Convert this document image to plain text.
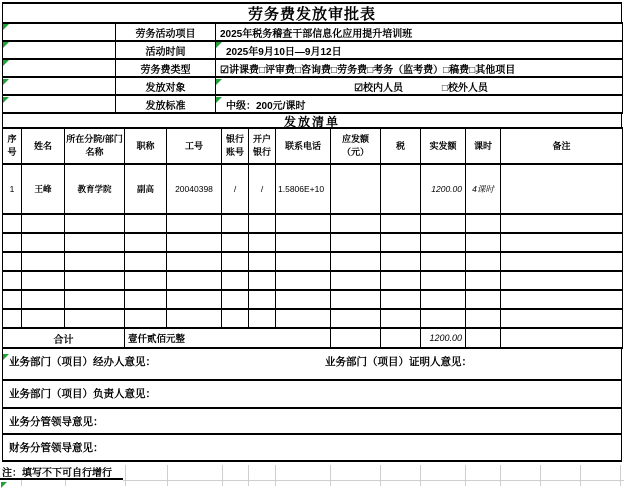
劳务费发放审批表
	劳务活动项目	2025年税务稽查干部信息化应用提升培训班
	活动时间	2025年9月10日—9月12日
	劳务费类型	☑讲课费□评审费□咨询费□劳务费□考务（监考费）□稿费□其他项目
	发放对象	☑校内人员 □校外人员
	发放标准	中级：200元/课时
发放清单
序号	姓名	所在分院/部门名称	职称	工号	银行账号	开户银行	联系电话	应发额（元）	税	实发额	课时	备注
1	王峰	教育学院	副高	20040398	/	/	1.5806E+10			1200.00	4课时	

合计			壹仟贰佰元整							1200.00		
业务部门（项目）经办人意见：	业务部门（项目）证明人意见：
业务部门（项目）负责人意见：
业务分管领导意见：
财务分管领导意见：
注：填写不下可自行增行
